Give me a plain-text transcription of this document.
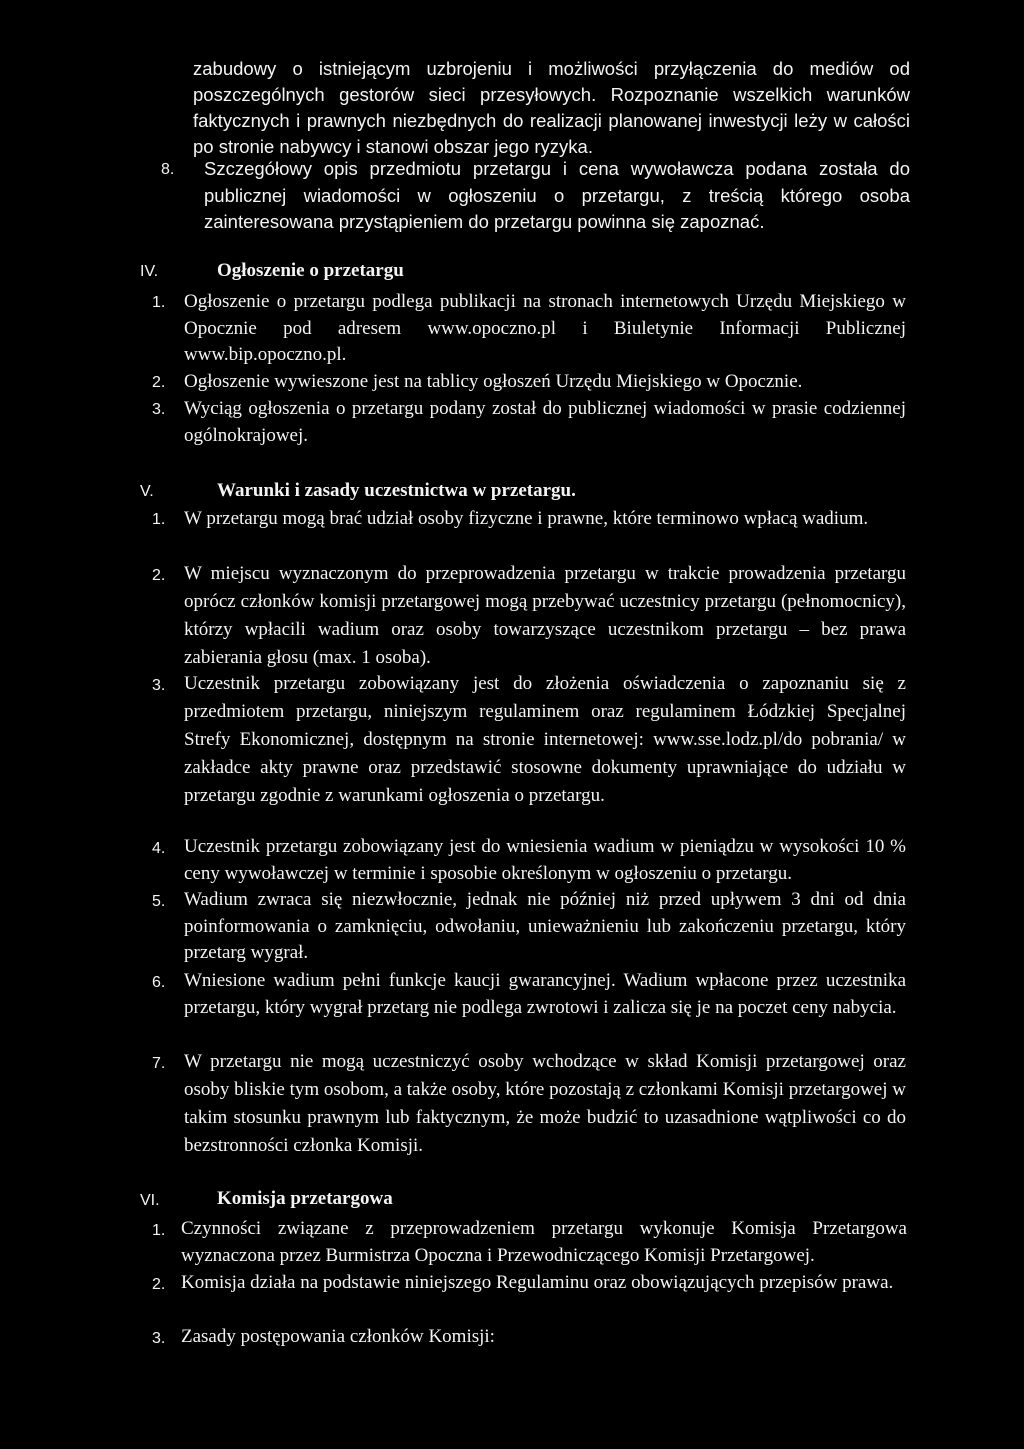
zabudowy o istniejącym uzbrojeniu i możliwości przyłączenia do mediów od poszczególnych gestorów sieci przesyłowych. Rozpoznanie wszelkich warunków faktycznych i prawnych niezbędnych do realizacji planowanej inwestycji leży w całości po stronie nabywcy i stanowi obszar jego ryzyka.
8. Szczegółowy opis przedmiotu przetargu i cena wywoławcza podana została do publicznej wiadomości w ogłoszeniu o przetargu, z treścią którego osoba zainteresowana przystąpieniem do przetargu powinna się zapoznać.
IV.	Ogłoszenie o przetargu
1. Ogłoszenie o przetargu podlega publikacji na stronach internetowych Urzędu Miejskiego w Opocznie pod adresem www.opoczno.pl i Biuletynie Informacji Publicznej www.bip.opoczno.pl.
2. Ogłoszenie wywieszone jest na tablicy ogłoszeń Urzędu Miejskiego w Opocznie.
3. Wyciąg ogłoszenia o przetargu podany został do publicznej wiadomości w prasie codziennej ogólnokrajowej.
V.	Warunki i zasady uczestnictwa w przetargu.
1. W przetargu mogą brać udział osoby fizyczne i prawne, które terminowo wpłacą wadium.
2. W miejscu wyznaczonym do przeprowadzenia przetargu w trakcie prowadzenia przetargu oprócz członków komisji przetargowej mogą przebywać uczestnicy przetargu (pełnomocnicy), którzy wpłacili wadium oraz osoby towarzyszące uczestnikom przetargu – bez prawa zabierania głosu (max. 1 osoba).
3. Uczestnik przetargu zobowiązany jest do złożenia oświadczenia o zapoznaniu się z przedmiotem przetargu, niniejszym regulaminem oraz regulaminem Łódzkiej Specjalnej Strefy Ekonomicznej, dostępnym na stronie internetowej: www.sse.lodz.pl/do pobrania/ w zakładce akty prawne oraz przedstawić stosowne dokumenty uprawniające do udziału w przetargu zgodnie z warunkami ogłoszenia o przetargu.
4. Uczestnik przetargu zobowiązany jest do wniesienia wadium w pieniądzu w wysokości 10 % ceny wywoławczej w terminie i sposobie określonym w ogłoszeniu o przetargu.
5. Wadium zwraca się niezwłocznie, jednak nie później niż przed upływem 3 dni od dnia poinformowania o zamknięciu, odwołaniu, unieważnieniu lub zakończeniu przetargu, który przetarg wygrał.
6. Wniesione wadium pełni funkcje kaucji gwarancyjnej. Wadium wpłacone przez uczestnika przetargu, który wygrał przetarg nie podlega zwrotowi i zalicza się je na poczet ceny nabycia.
7. W przetargu nie mogą uczestniczyć osoby wchodzące w skład Komisji przetargowej oraz osoby bliskie tym osobom, a także osoby, które pozostają z członkami Komisji przetargowej w takim stosunku prawnym lub faktycznym, że może budzić to uzasadnione wątpliwości co do bezstronności członka Komisji.
VI.	Komisja przetargowa
1. Czynności związane z przeprowadzeniem przetargu wykonuje Komisja Przetargowa wyznaczona przez Burmistrza Opoczna i Przewodniczącego Komisji Przetargowej.
2. Komisja działa na podstawie niniejszego Regulaminu oraz obowiązujących przepisów prawa.
3. Zasady postępowania członków Komisji:
